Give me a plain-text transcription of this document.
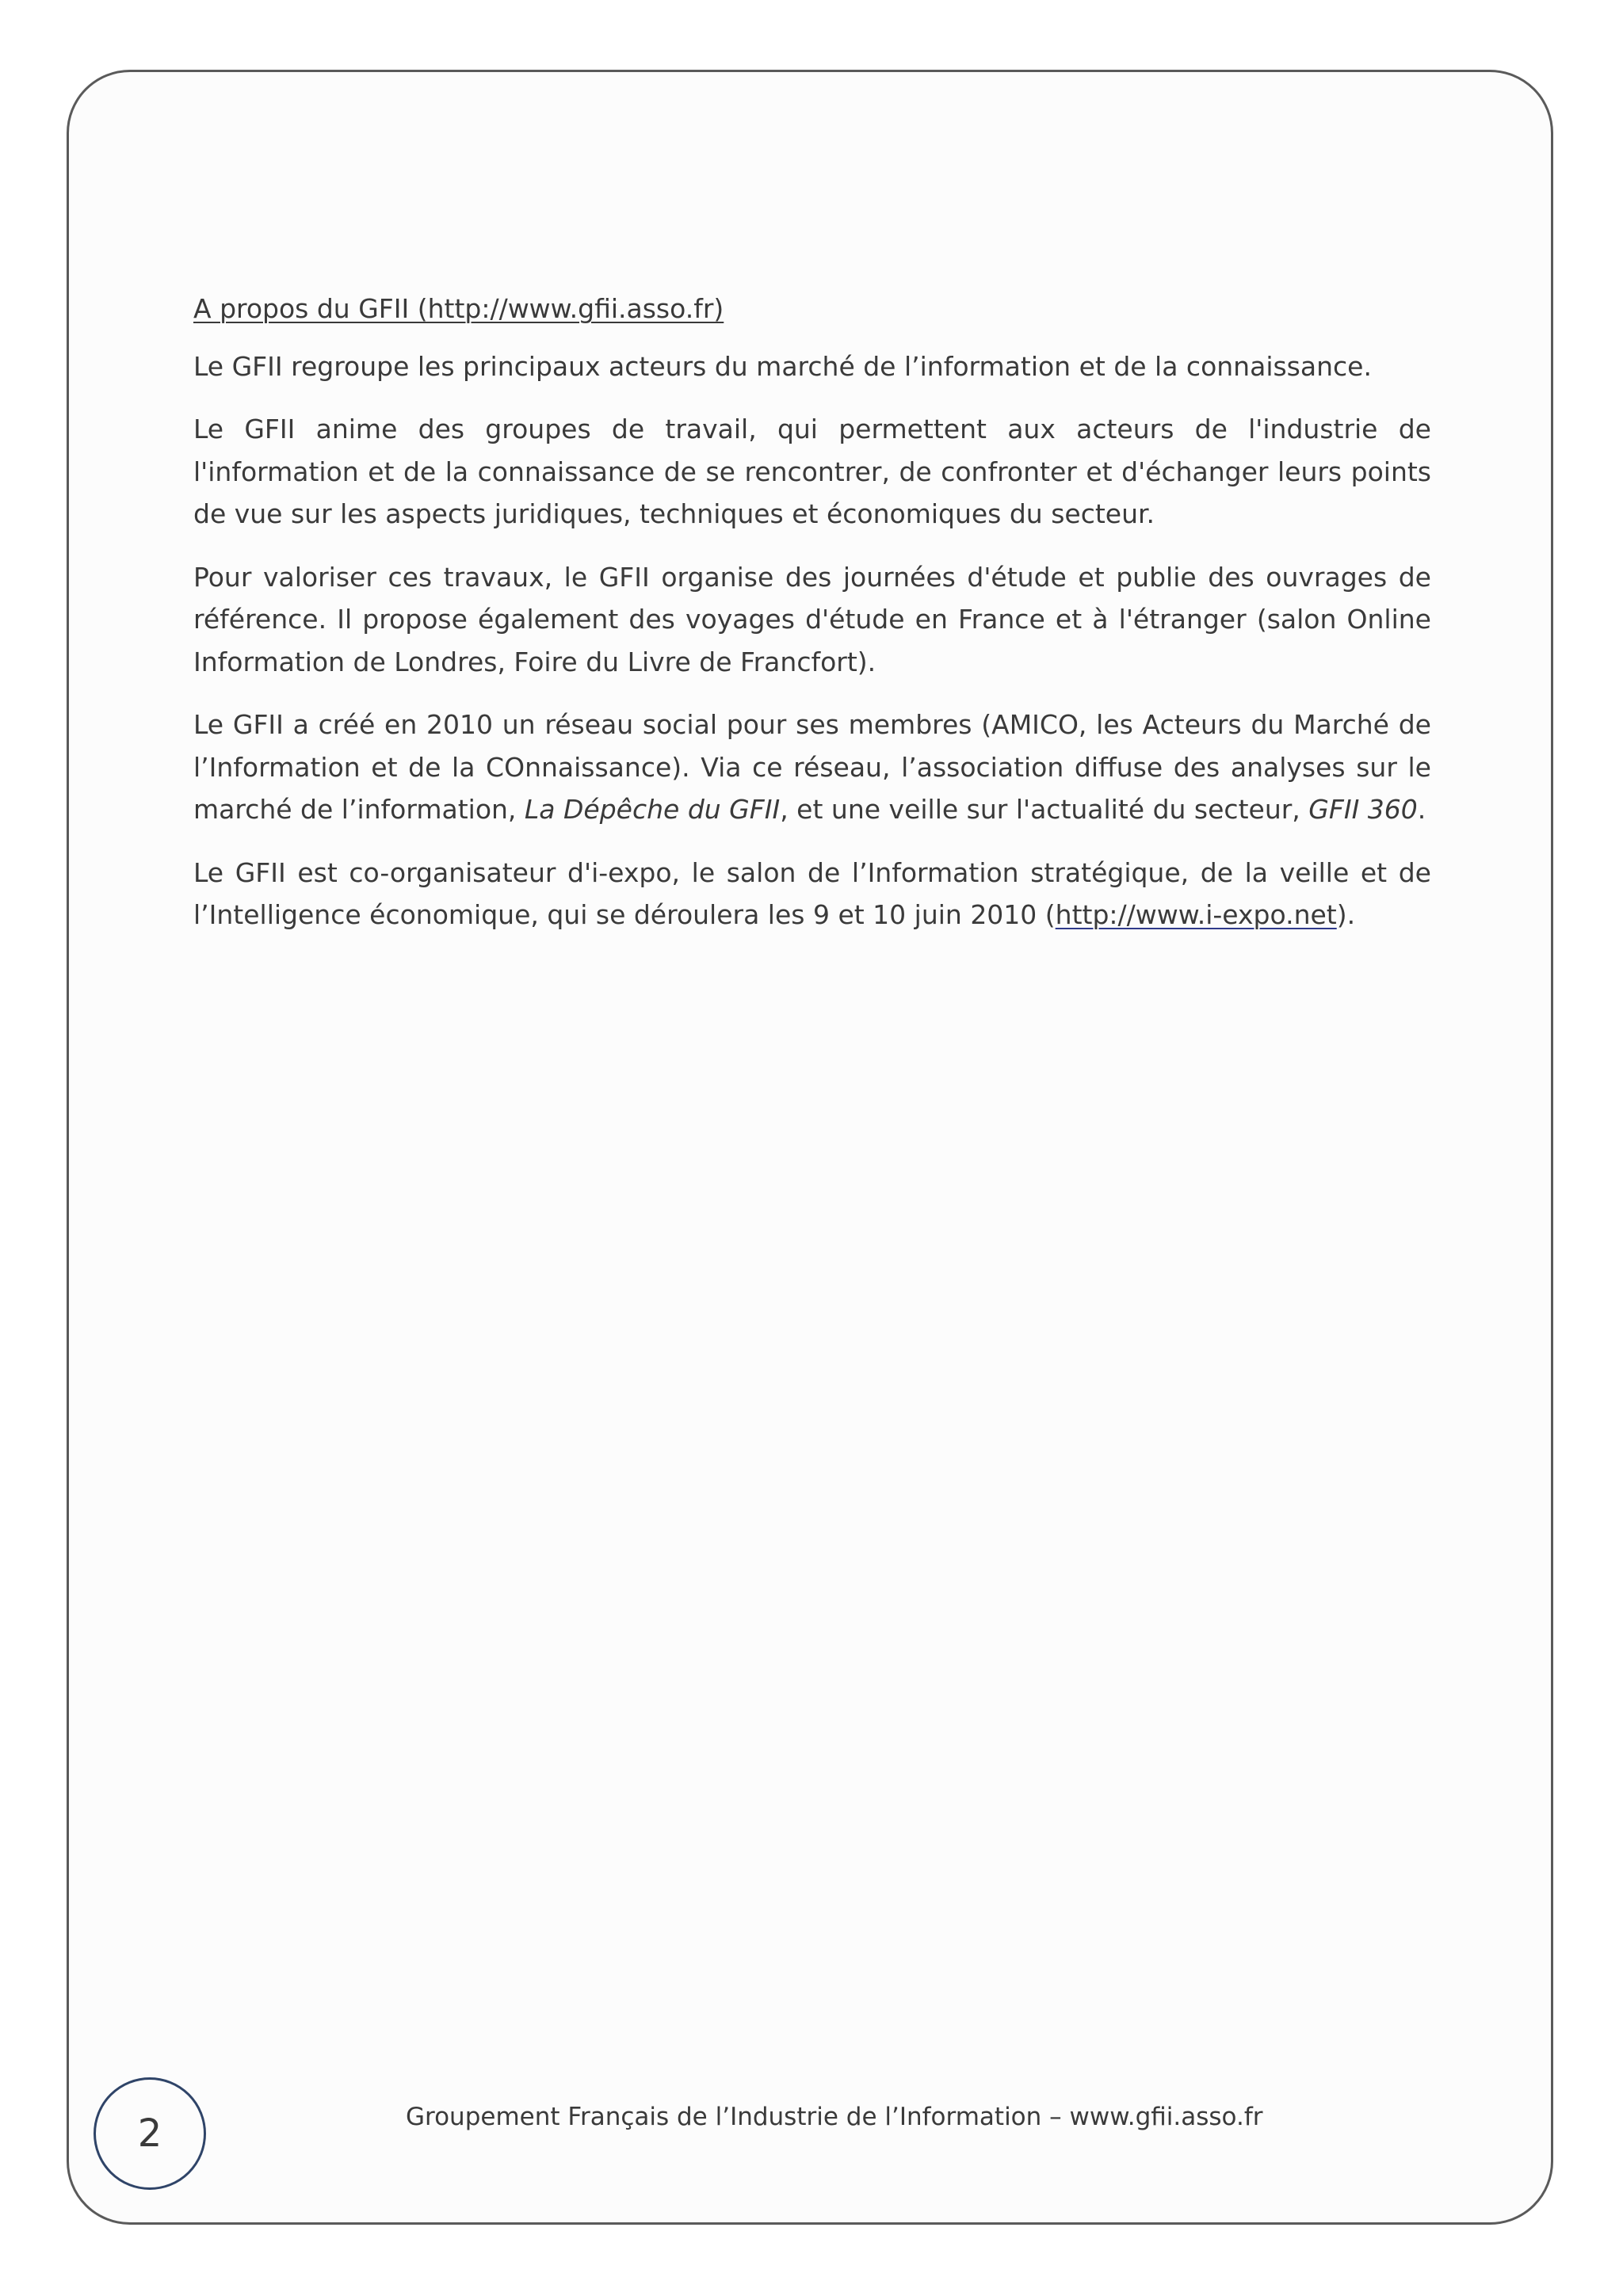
A propos du GFII (http://www.gfii.asso.fr)

Le GFII regroupe les principaux acteurs du marché de l’information et de la connaissance.

Le GFII anime des groupes de travail, qui permettent aux acteurs de l'industrie de l'information et de la connaissance de se rencontrer, de confronter et d'échanger leurs points de vue sur les aspects juridiques, techniques et économiques du secteur.

Pour valoriser ces travaux, le GFII organise des journées d'étude et publie des ouvrages de référence. Il propose également des voyages d'étude en France et à l'étranger (salon Online Information de Londres, Foire du Livre de Francfort).

Le GFII a créé en 2010 un réseau social pour ses membres (AMICO, les Acteurs du Marché de l’Information et de la COnnaissance). Via ce réseau, l’association diffuse des analyses sur le marché de l’information, La Dépêche du GFII, et une veille sur l'actualité du secteur, GFII 360.

Le GFII est co-organisateur d'i-expo, le salon de l’Information stratégique, de la veille et de l’Intelligence économique, qui se déroulera les 9 et 10 juin 2010 (http://www.i-expo.net).

2	Groupement Français de l’Industrie de l’Information – www.gfii.asso.fr
